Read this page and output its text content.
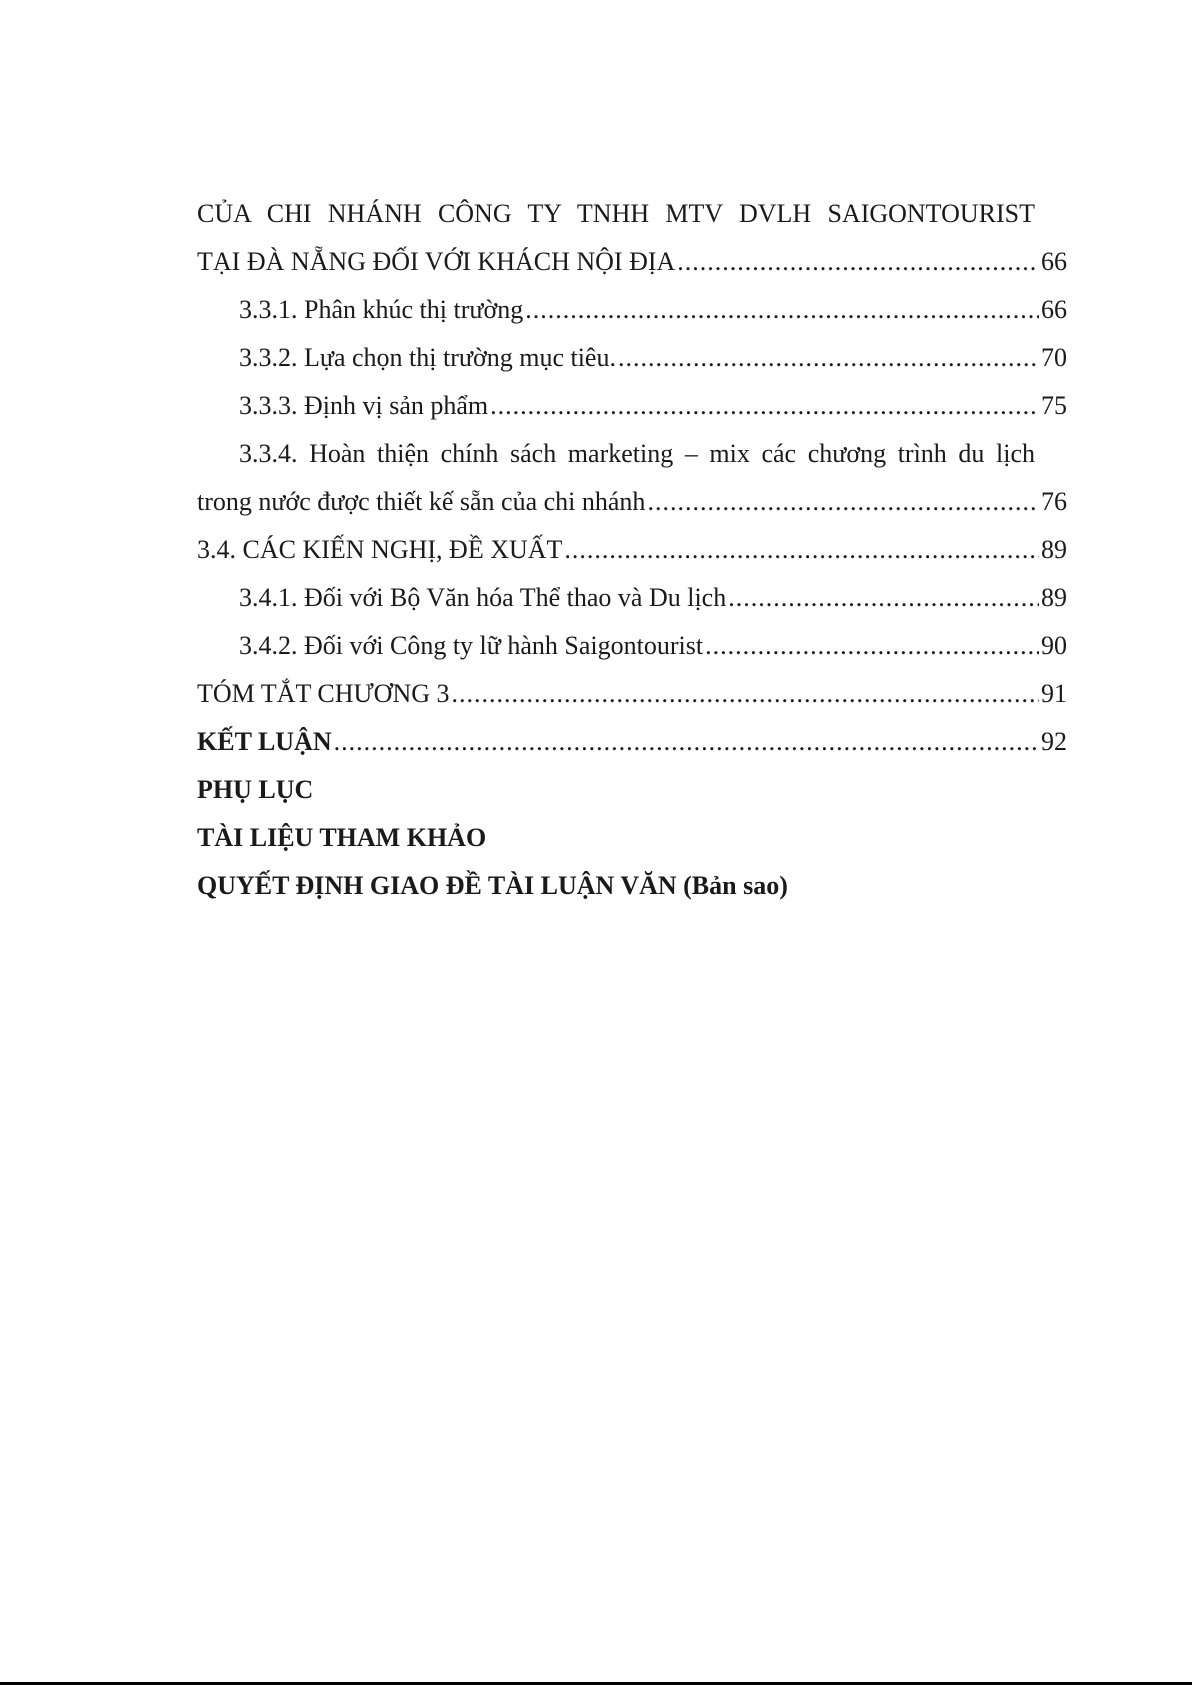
CỦA CHI NHÁNH CÔNG TY TNHH MTV DVLH SAIGONTOURIST
TẠI ĐÀ NẴNG ĐỐI VỚI KHÁCH NỘI ĐỊA .....	66
3.3.1. Phân khúc thị trường .....	66
3.3.2. Lựa chọn thị trường mục tiêu. .....	70
3.3.3. Định vị sản phẩm .....	75
3.3.4. Hoàn thiện chính sách marketing – mix các chương trình du lịch
trong nước được thiết kế sẵn của chi nhánh .....	76
3.4. CÁC KIẾN NGHỊ, ĐỀ XUẤT .....	89
3.4.1. Đối với Bộ Văn hóa Thể thao và Du lịch .....	89
3.4.2. Đối với Công ty lữ hành Saigontourist .....	90
TÓM TẮT CHƯƠNG 3 .....	91
KẾT LUẬN .....	92
PHỤ LỤC
TÀI LIỆU THAM KHẢO
QUYẾT ĐỊNH GIAO ĐỀ TÀI LUẬN VĂN (Bản sao)
